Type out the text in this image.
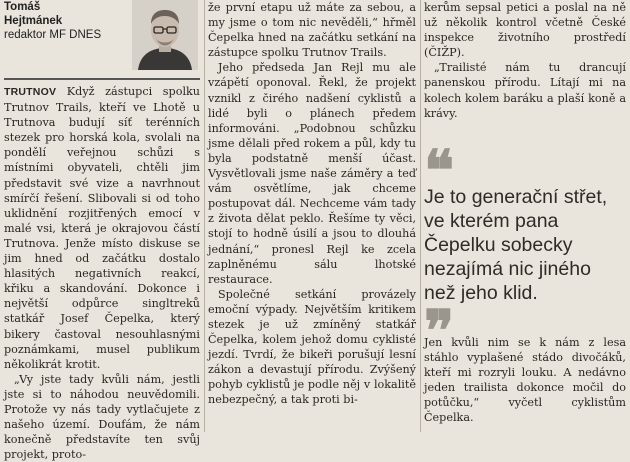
Tomáš
Hejtmánek
redaktor MF DNES

TRUTNOV Když zástupci spolku Trutnov Trails, kteří ve Lhotě u Trutnova budují síť terénních stezek pro horská kola, svolali na pondělí veřejnou schůzi s místními obyvateli, chtěli jim představit své vize a navrhnout smírčí řešení. Slibovali si od toho uklidnění rozjitřených emocí v malé vsi, která je okrajovou částí Trutnova. Jenže místo diskuse se jim hned od začátku dostalo hlasitých negativních reakcí, křiku a skandování. Dokonce i největší odpůrce singltreků statkář Josef Čepelka, který bikery častoval nesouhlasnými poznámkami, musel publikum několikrát krotit.

„Vy jste tady kvůli nám, jestli jste si to náhodou neuvědomili. Protože vy nás tady vytlačujete z našeho území. Doufám, že nám konečně představíte ten svůj projekt, proto-

že první etapu už máte za sebou, a my jsme o tom nic nevěděli,“ hřměl Čepelka hned na začátku setkání na zástupce spolku Trutnov Trails.

Jeho předseda Jan Rejl mu ale vzápětí oponoval. Řekl, že projekt vznikl z čirého nadšení cyklistů a lidé byli o plánech předem informováni. „Podobnou schůzku jsme dělali před rokem a půl, kdy tu byla podstatně menší účast. Vysvětlovali jsme naše záměry a teď vám osvětlíme, jak chceme postupovat dál. Nechceme vám tady z života dělat peklo. Řešíme ty věci, stojí to hodně úsilí a jsou to dlouhá jednání,“ pronesl Rejl ke zcela zaplněnému sálu lhotské restaurace.

Společné setkání provázely emoční výpady. Největším kritikem stezek je už zmíněný statkář Čepelka, kolem jehož domu cyklisté jezdí. Tvrdí, že bikeři porušují lesní zákon a devastují přírodu. Zvýšený pohyb cyklistů je podle něj v lokalitě nebezpečný, a tak proti bi-

kerům sepsal petici a poslal na ně už několik kontrol včetně České inspekce životního prostředí (ČIŽP).

„Trailisté nám tu drancují panenskou přírodu. Lítají mi na kolech kolem baráku a plaší koně a krávy.

❝
Je to generační střet, ve kterém pana Čepelku sobecky nezajímá nic jiného než jeho klid.
❞

Jen kvůli nim se k nám z lesa stáhlo vyplašené stádo divočáků, kteří mi rozryli louku. A nedávno jeden trailista dokonce močil do potůčku,“ vyčetl cyklistům Čepelka.
